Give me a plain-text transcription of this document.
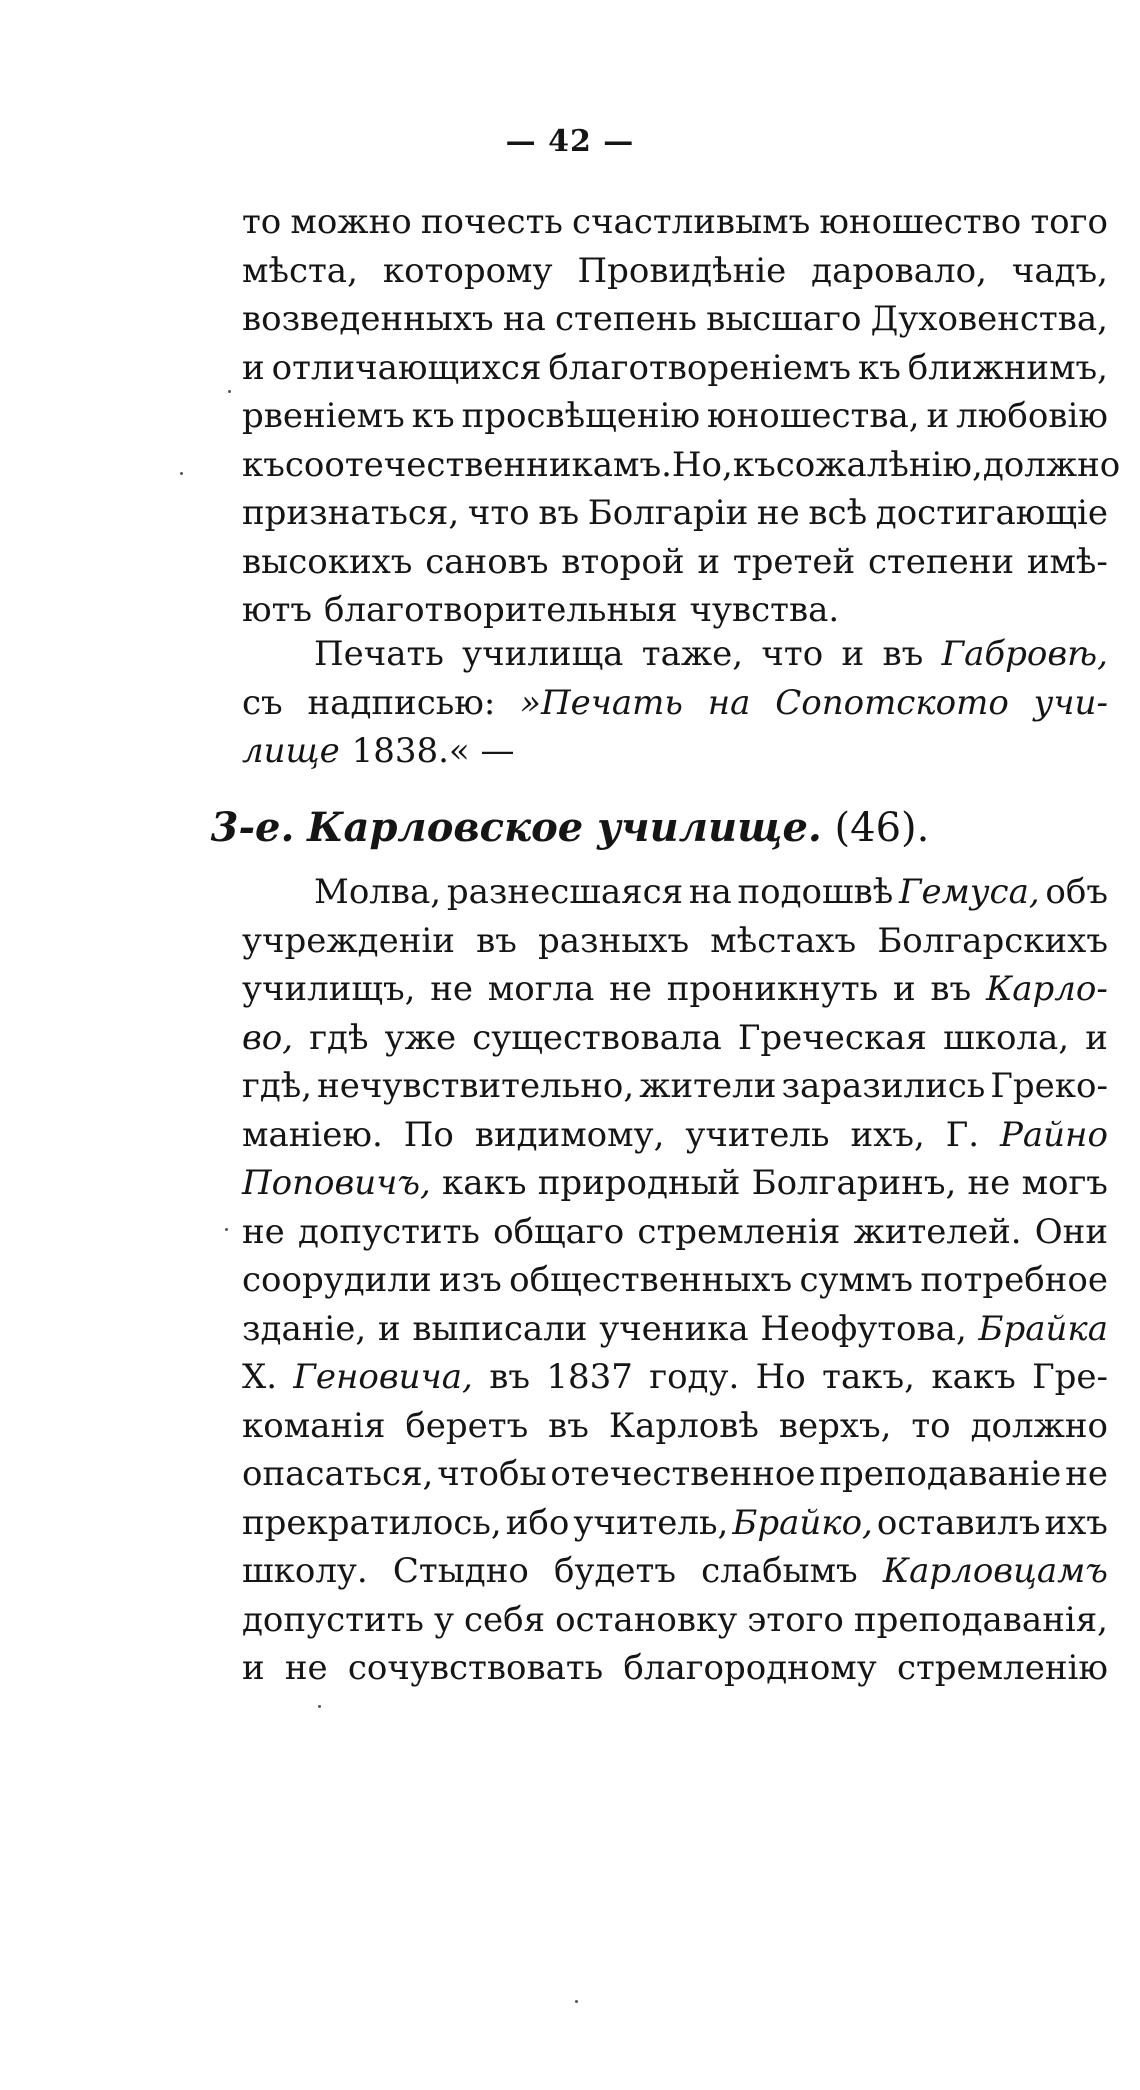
— 42 —
то можно почесть счастливымъ юношество того
мѣста, которому Провидѣніе даровало, чадъ,
возведенныхъ на степень высшаго Духовенства,
и отличающихся благотвореніемъ къ ближнимъ,
рвеніемъ къ просвѣщенію юношества, и любовію
къ соотечественникамъ. Но, къ сожалѣнію, должно
признаться, что въ Болгаріи не всѣ достигающіе
высокихъ сановъ второй и третей степени имѣ-
ютъ благотворительныя чувства.
Печать училища таже, что и въ Габровѣ,
съ надписью: »Печать на Сопотското учи-
лище 1838.« —
3-е. Карловское училище. (46).
Молва, разнесшаяся на подошвѣ Гемуса, объ
учрежденіи въ разныхъ мѣстахъ Болгарскихъ
училищъ, не могла не проникнуть и въ Карло-
во, гдѣ уже существовала Греческая школа, и
гдѣ, нечувствительно, жители заразились Греко-
маніею. По видимому, учитель ихъ, Г. Райно
Поповичъ, какъ природный Болгаринъ, не могъ
не допустить общаго стремленія жителей. Они
соорудили изъ общественныхъ суммъ потребное
зданіе, и выписали ученика Неофутова, Брайка
Х. Геновича, въ 1837 году. Но такъ, какъ Гре-
команія беретъ въ Карловѣ верхъ, то должно
опасаться, чтобы отечественное преподаваніе не
прекратилось, ибо учитель, Брайко, оставилъ ихъ
школу. Стыдно будетъ слабымъ Карловцамъ
допустить у себя остановку этого преподаванія,
и не сочувствовать благородному стремленію
